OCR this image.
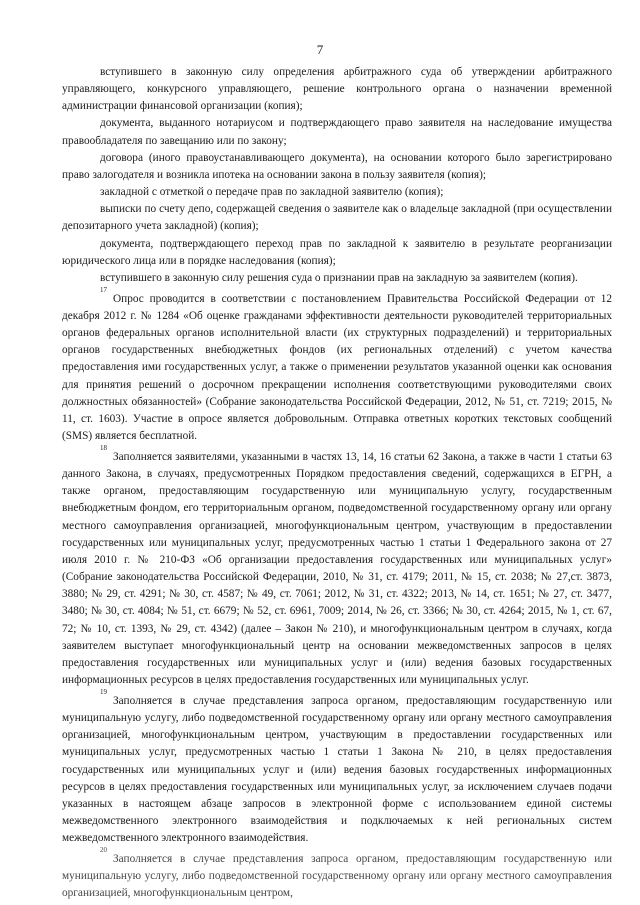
7

вступившего в законную силу определения арбитражного суда об утверждении арбитражного управляющего, конкурсного управляющего, решение контрольного органа о назначении временной администрации финансовой организации (копия);

документа, выданного нотариусом и подтверждающего право заявителя на наследование имущества правообладателя по завещанию или по закону;

договора (иного правоустанавливающего документа), на основании которого было зарегистрировано право залогодателя и возникла ипотека на основании закона в пользу заявителя (копия);

закладной с отметкой о передаче прав по закладной заявителю (копия);

выписки по счету депо, содержащей сведения о заявителе как о владельце закладной (при осуществлении депозитарного учета закладной) (копия);

документа, подтверждающего переход прав по закладной к заявителю в результате реорганизации юридического лица или в порядке наследования (копия);

вступившего в законную силу решения суда о признании прав на закладную за заявителем (копия).

$^{17}$Опрос проводится в соответствии с постановлением Правительства Российской Федерации от 12 декабря 2012 г. № 1284 «Об оценке гражданами эффективности деятельности руководителей территориальных органов федеральных органов исполнительной власти (их структурных подразделений) и территориальных органов государственных внебюджетных фондов (их региональных отделений) с учетом качества предоставления ими государственных услуг, а также о применении результатов указанной оценки как основания для принятия решений о досрочном прекращении исполнения соответствующими руководителями своих должностных обязанностей» (Собрание законодательства Российской Федерации, 2012, № 51, ст. 7219; 2015, № 11, ст. 1603). Участие в опросе является добровольным. Отправка ответных коротких текстовых сообщений (SMS) является бесплатной.

$^{18}$Заполняется заявителями, указанными в частях 13, 14, 16 статьи 62 Закона, а также в части 1 статьи 63 данного Закона, в случаях, предусмотренных Порядком предоставления сведений, содержащихся в ЕГРН, а также органом, предоставляющим государственную или муниципальную услугу, государственным внебюджетным фондом, его территориальным органом, подведомственной государственному органу или органу местного самоуправления организацией, многофункциональным центром, участвующим в предоставлении государственных или муниципальных услуг, предусмотренных частью 1 статьи 1 Федерального закона от 27 июля 2010 г. № 210-ФЗ «Об организации предоставления государственных или муниципальных услуг» (Собрание законодательства Российской Федерации, 2010, № 31, ст. 4179; 2011, № 15, ст. 2038; № 27,ст. 3873, 3880; № 29, ст. 4291; № 30, ст. 4587; № 49, ст. 7061; 2012, № 31, ст. 4322; 2013, № 14, ст. 1651; № 27, ст. 3477, 3480; № 30, ст. 4084; № 51, ст. 6679; № 52, ст. 6961, 7009; 2014, № 26, ст. 3366; № 30, ст. 4264; 2015, № 1, ст. 67, 72; № 10, ст. 1393, № 29, ст. 4342) (далее – Закон № 210), и многофункциональным центром в случаях, когда заявителем выступает многофункциональный центр на основании межведомственных запросов в целях предоставления государственных или муниципальных услуг и (или) ведения базовых государственных информационных ресурсов в целях предоставления государственных или муниципальных услуг.

$^{19}$Заполняется в случае представления запроса органом, предоставляющим государственную или муниципальную услугу, либо подведомственной государственному органу или органу местного самоуправления организацией, многофункциональным центром, участвующим в предоставлении государственных или муниципальных услуг, предусмотренных частью 1 статьи 1 Закона № 210, в целях предоставления государственных или муниципальных услуг и (или) ведения базовых государственных информационных ресурсов в целях предоставления государственных или муниципальных услуг, за исключением случаев подачи указанных в настоящем абзаце запросов в электронной форме с использованием единой системы межведомственного электронного взаимодействия и подключаемых к ней региональных систем межведомственного электронного взаимодействия.

$^{20}$Заполняется в случае представления запроса органом, предоставляющим государственную или муниципальную услугу, либо подведомственной государственному органу или органу местного самоуправления организацией, многофункциональным центром,
